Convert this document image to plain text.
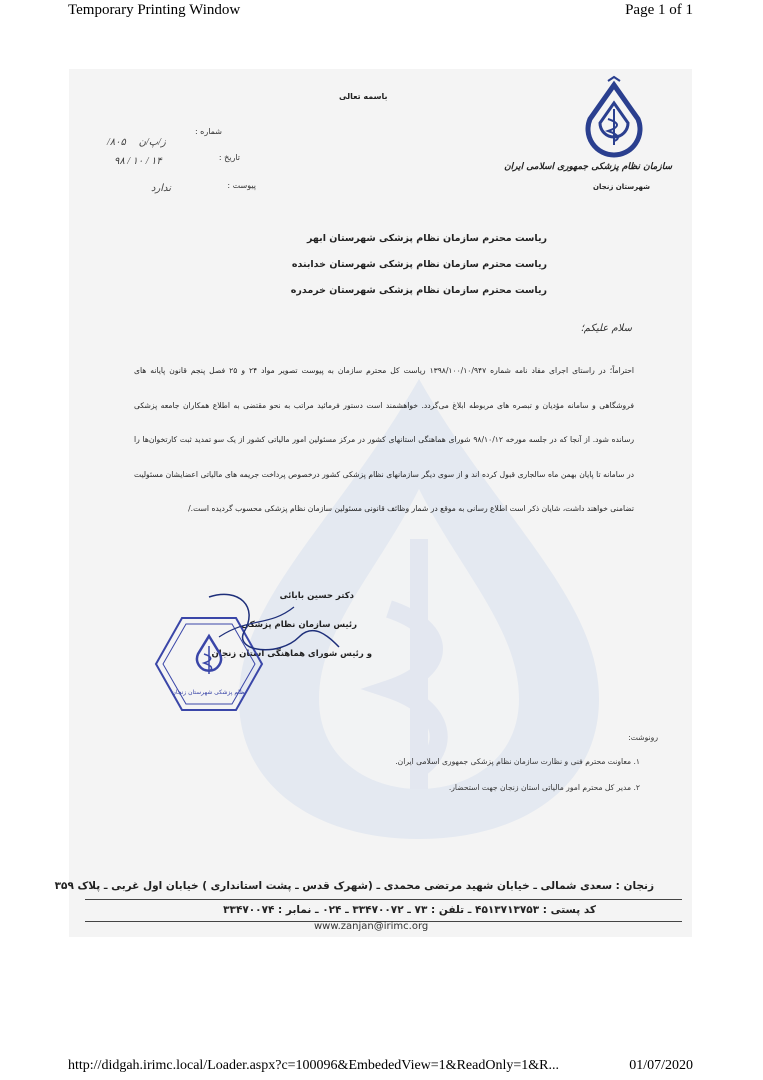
Temporary Printing Window	Page 1 of 1
http://didgah.irimc.local/Loader.aspx?c=100096&EmbededView=1&ReadOnly=1&R...	01/07/2020
باسمه تعالی
شماره :
/ز/پ/ن     ۸۰۵
تاریخ :
۹۸ / ۱۰ / ۱۴
پیوست :
ندارد
سازمان نظام پزشکی جمهوری اسلامی ایران
شهرستان زنجان
ریاست محترم سازمان نظام پزشکی شهرستان ابهر
ریاست محترم سازمان نظام پزشکی شهرستان خدابنده
ریاست محترم سازمان نظام پزشکی شهرستان خرمدره
سلام علیکم؛
احتراماً؛ در راستای اجرای مفاد نامه شماره ۱۳۹۸/۱۰۰/۱۰/۹۴۷ ریاست کل محترم سازمان به پیوست تصویر مواد ۲۴ و ۲۵ فصل پنجم قانون پایانه های فروشگاهی و سامانه مؤدیان و تبصره های مربوطه ابلاغ می‌گردد. خواهشمند است دستور فرمائید مراتب به نحو مقتضی به اطلاع همکاران جامعه پزشکی رسانده شود. از آنجا که در جلسه مورخه ۹۸/۱۰/۱۲ شورای هماهنگی استانهای کشور در مرکز مسئولین امور مالیاتی کشور از یک سو تمدید ثبت کارتخوان‌ها را در سامانه تا پایان بهمن ماه سالجاری قبول کرده اند و از سوی دیگر سازمانهای نظام پزشکی کشور درخصوص پرداخت جریمه های مالیاتی اعضایشان مسئولیت تضامنی خواهند داشت، شایان ذکر است اطلاع رسانی به موقع در شمار وظائف قانونی مسئولین سازمان نظام پزشکی محسوب گردیده است./
دکتر حسین بابائی
رئیس سازمان نظام پزشکی
و رئیس شورای هماهنگی استان زنجان
نظام پزشکی شهرستان زنجان
رونوشت:
۱. معاونت محترم فنی و نظارت سازمان نظام پزشکی جمهوری اسلامی ایران.
۲. مدیر کل محترم امور مالیاتی استان زنجان جهت استحضار.
زنجان : سعدی شمالی ـ خیابان شهید مرتضی محمدی ـ (شهرک قدس ـ پشت استانداری ) خیابان اول غربی ـ پلاک ۳۵۹
کد پستی : ۴۵۱۳۷۱۳۷۵۳ ـ تلفن : ۷۳ ـ ۳۳۴۷۰۰۷۲ ـ ۰۲۴ ـ نمابر : ۳۳۴۷۰۰۷۴
www.zanjan@irimc.org
